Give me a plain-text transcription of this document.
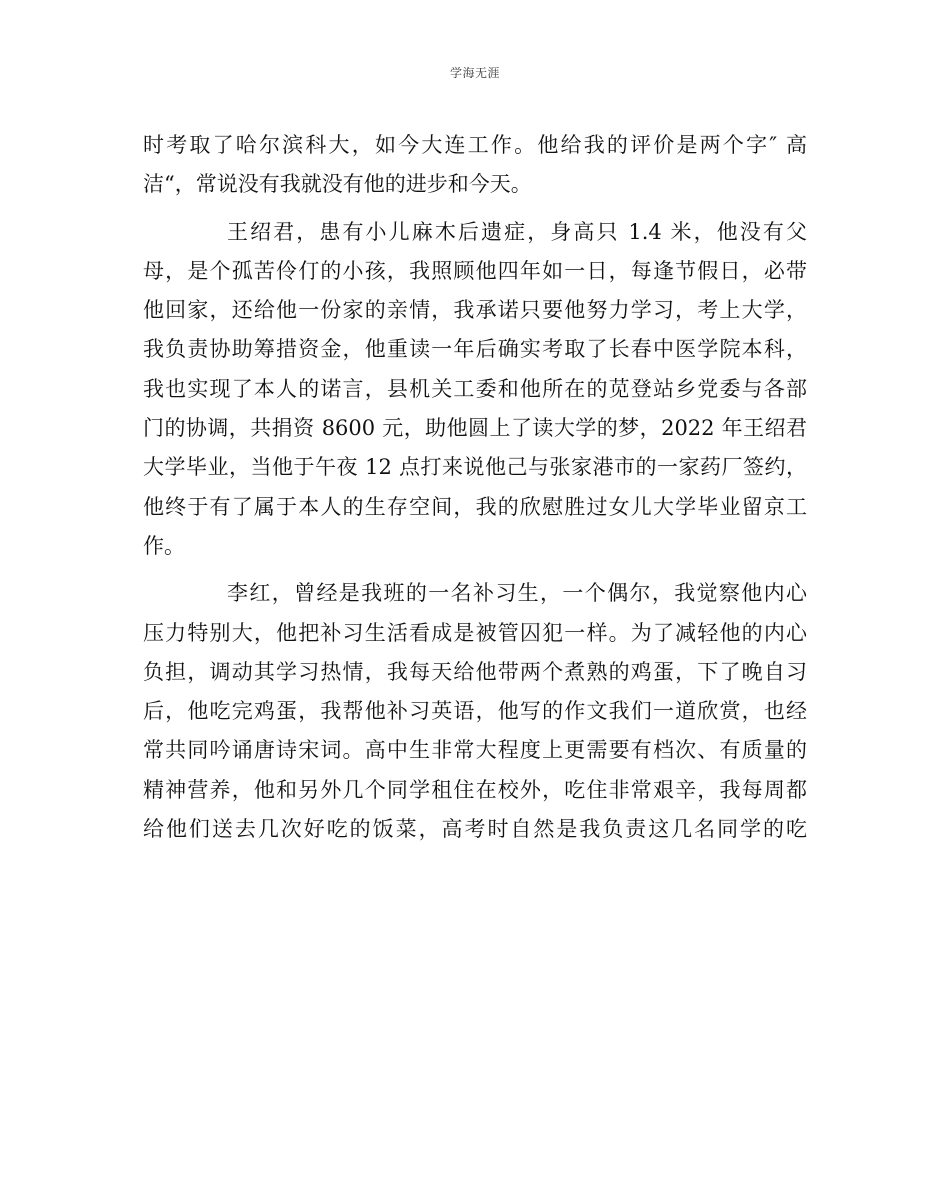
学海无涯
时考取了哈尔滨科大，如今大连工作。他给我的评价是两个字″ 高
洁“，常说没有我就没有他的进步和今天。
王绍君，患有小儿麻木后遗症，身高只 1.4 米，他没有父
母，是个孤苦伶仃的小孩，我照顾他四年如一日，每逢节假日，必带
他回家，还给他一份家的亲情，我承诺只要他努力学习，考上大学，
我负责协助筹措资金，他重读一年后确实考取了长春中医学院本科，
我也实现了本人的诺言，县机关工委和他所在的苋登站乡党委与各部
门的协调，共捐资 8600 元，助他圆上了读大学的梦，2022 年王绍君
大学毕业，当他于午夜 12 点打来说他己与张家港市的一家药厂签约，
他终于有了属于本人的生存空间，我的欣慰胜过女儿大学毕业留京工
作。
李红，曾经是我班的一名补习生，一个偶尔，我觉察他内心
压力特别大，他把补习生活看成是被管囚犯一样。为了减轻他的内心
负担，调动其学习热情，我每天给他带两个煮熟的鸡蛋，下了晚自习
后，他吃完鸡蛋，我帮他补习英语，他写的作文我们一道欣赏，也经
常共同吟诵唐诗宋词。高中生非常大程度上更需要有档次、有质量的
精神营养，他和另外几个同学租住在校外，吃住非常艰辛，我每周都
给他们送去几次好吃的饭菜，高考时自然是我负责这几名同学的吃
